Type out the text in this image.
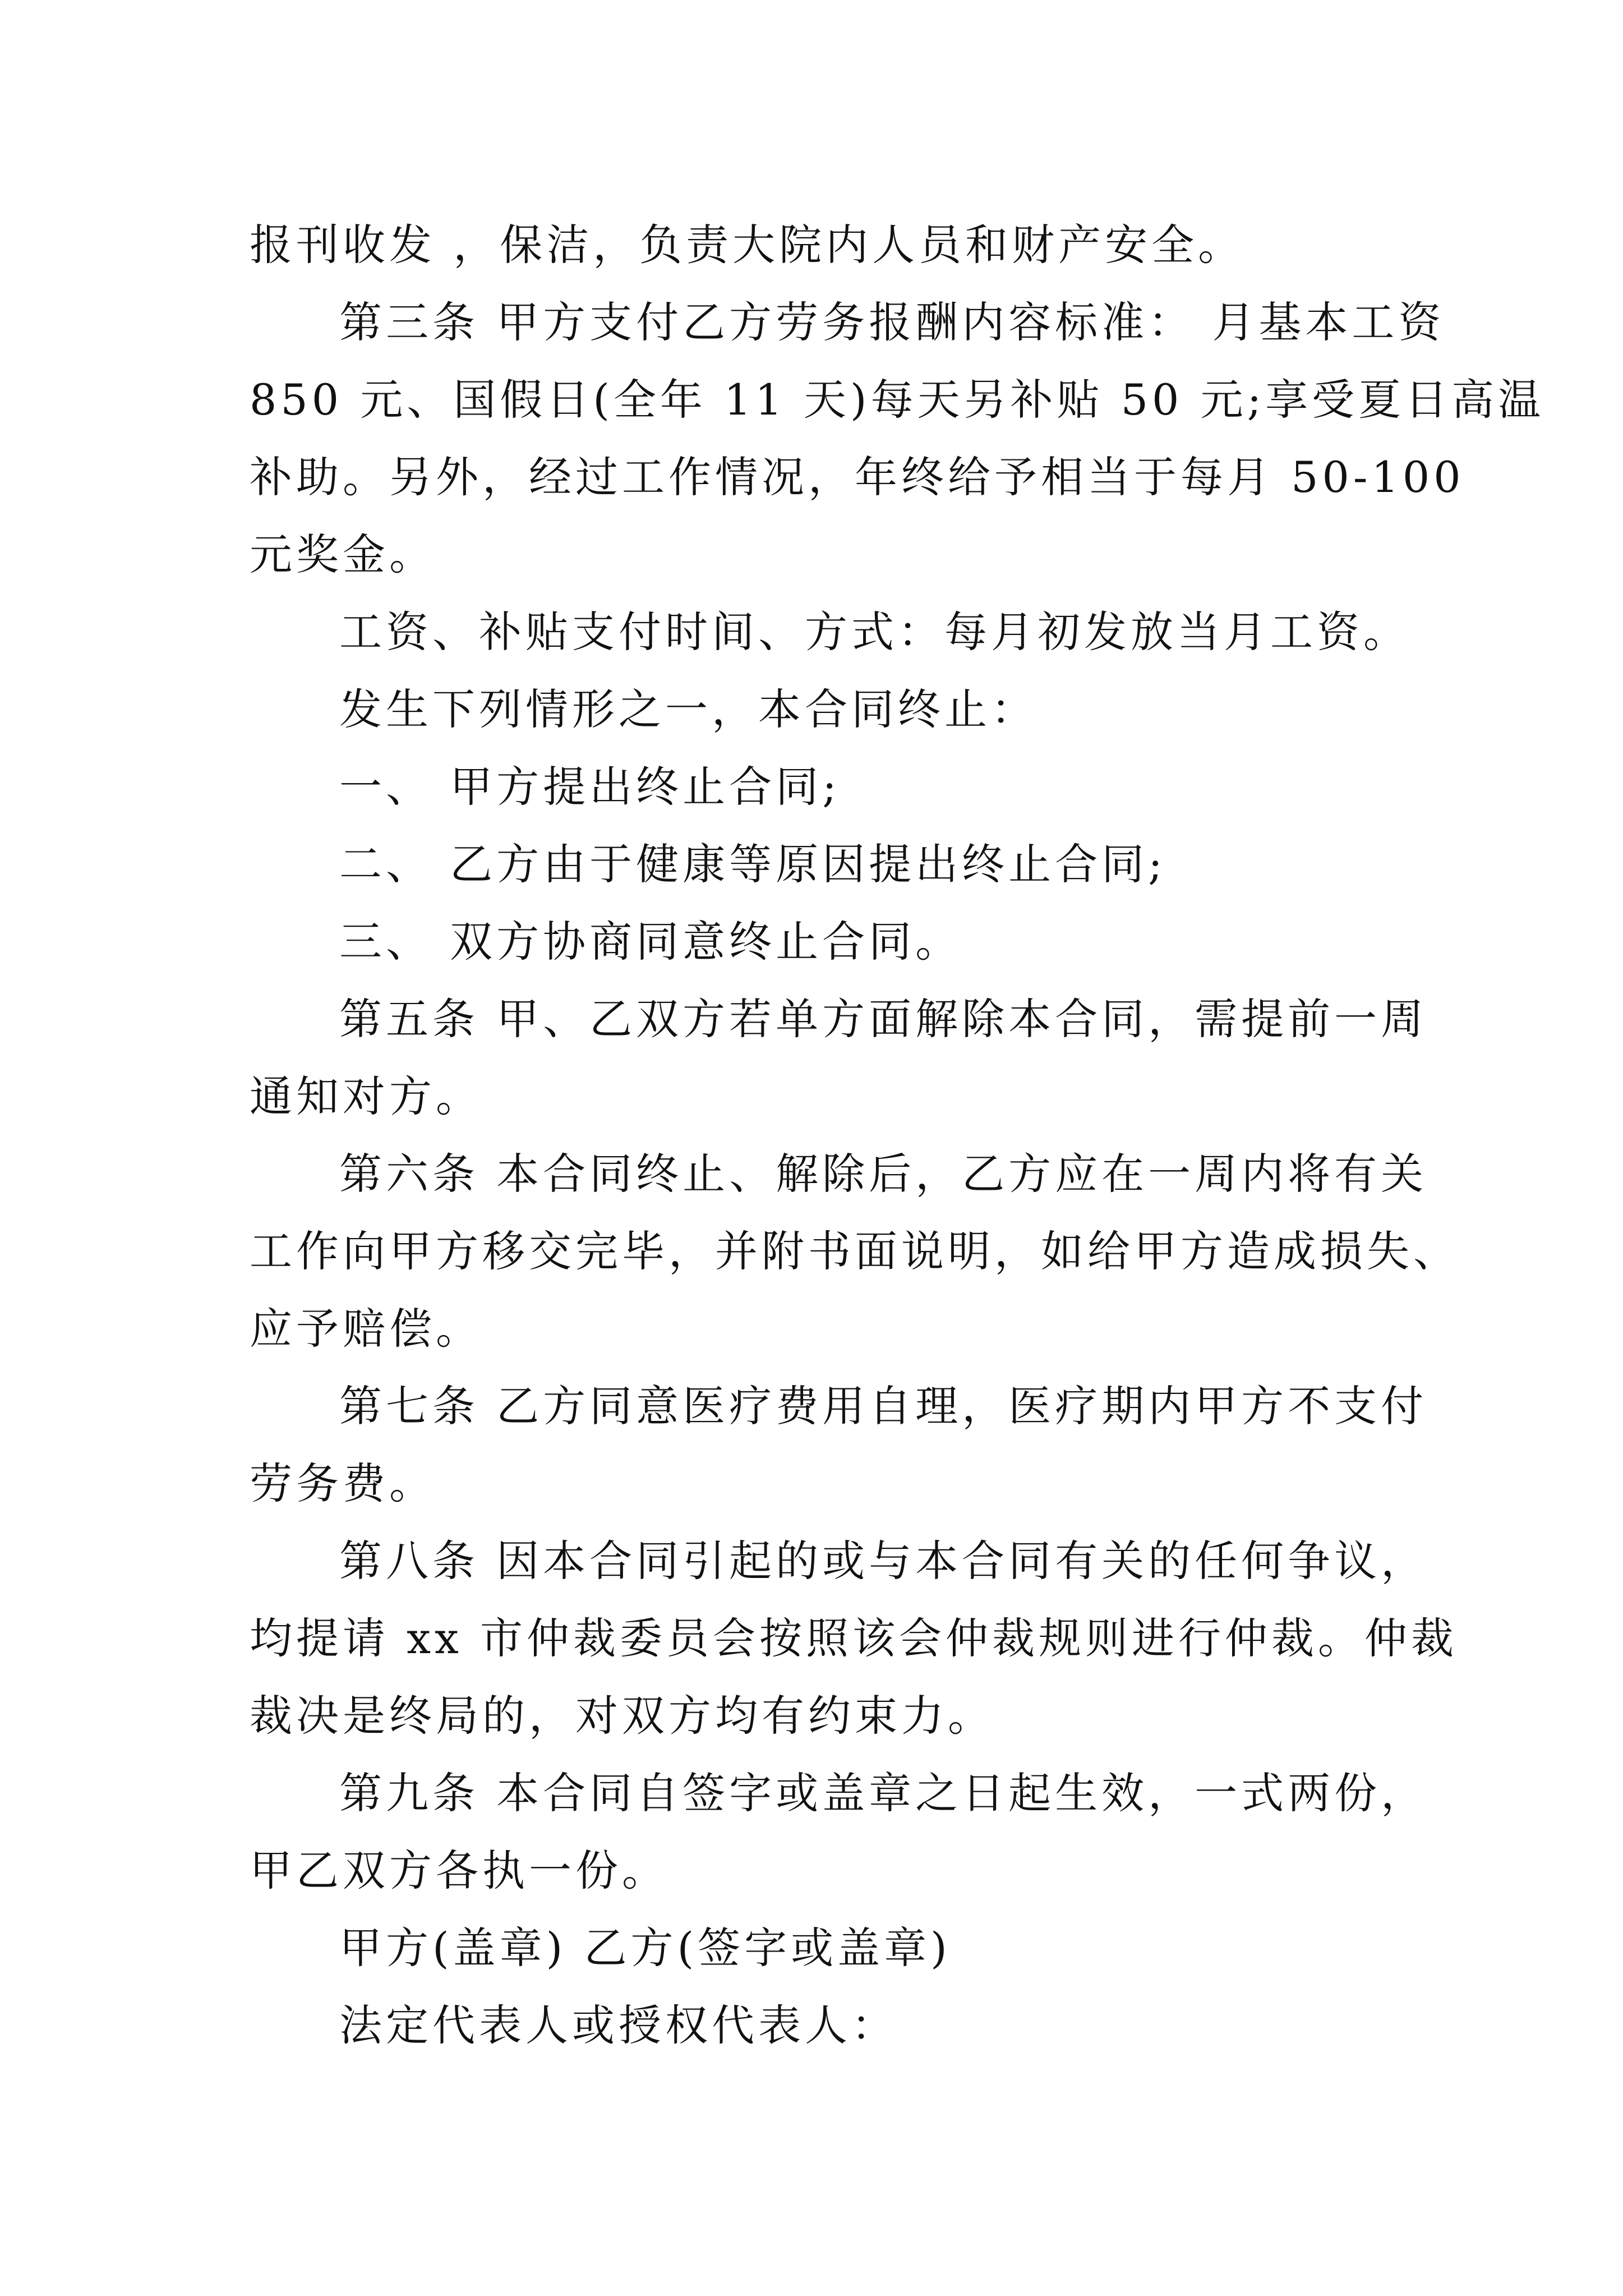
报刊收发 ，保洁，负责大院内人员和财产安全。

第三条 甲方支付乙方劳务报酬内容标准： 月基本工资

850 元、国假日(全年 11 天)每天另补贴 50 元;享受夏日高温

补助。另外，经过工作情况，年终给予相当于每月 50-100

元奖金。

工资、补贴支付时间、方式：每月初发放当月工资。

发生下列情形之一，本合同终止：

一、 甲方提出终止合同;

二、 乙方由于健康等原因提出终止合同;

三、 双方协商同意终止合同。

第五条 甲、乙双方若单方面解除本合同，需提前一周

通知对方。

第六条 本合同终止、解除后，乙方应在一周内将有关

工作向甲方移交完毕，并附书面说明，如给甲方造成损失、

应予赔偿。

第七条 乙方同意医疗费用自理，医疗期内甲方不支付

劳务费。

第八条 因本合同引起的或与本合同有关的任何争议，

均提请 xx 市仲裁委员会按照该会仲裁规则进行仲裁。仲裁

裁决是终局的，对双方均有约束力。

第九条 本合同自签字或盖章之日起生效，一式两份，

甲乙双方各执一份。

甲方(盖章) 乙方(签字或盖章)

法定代表人或授权代表人：
